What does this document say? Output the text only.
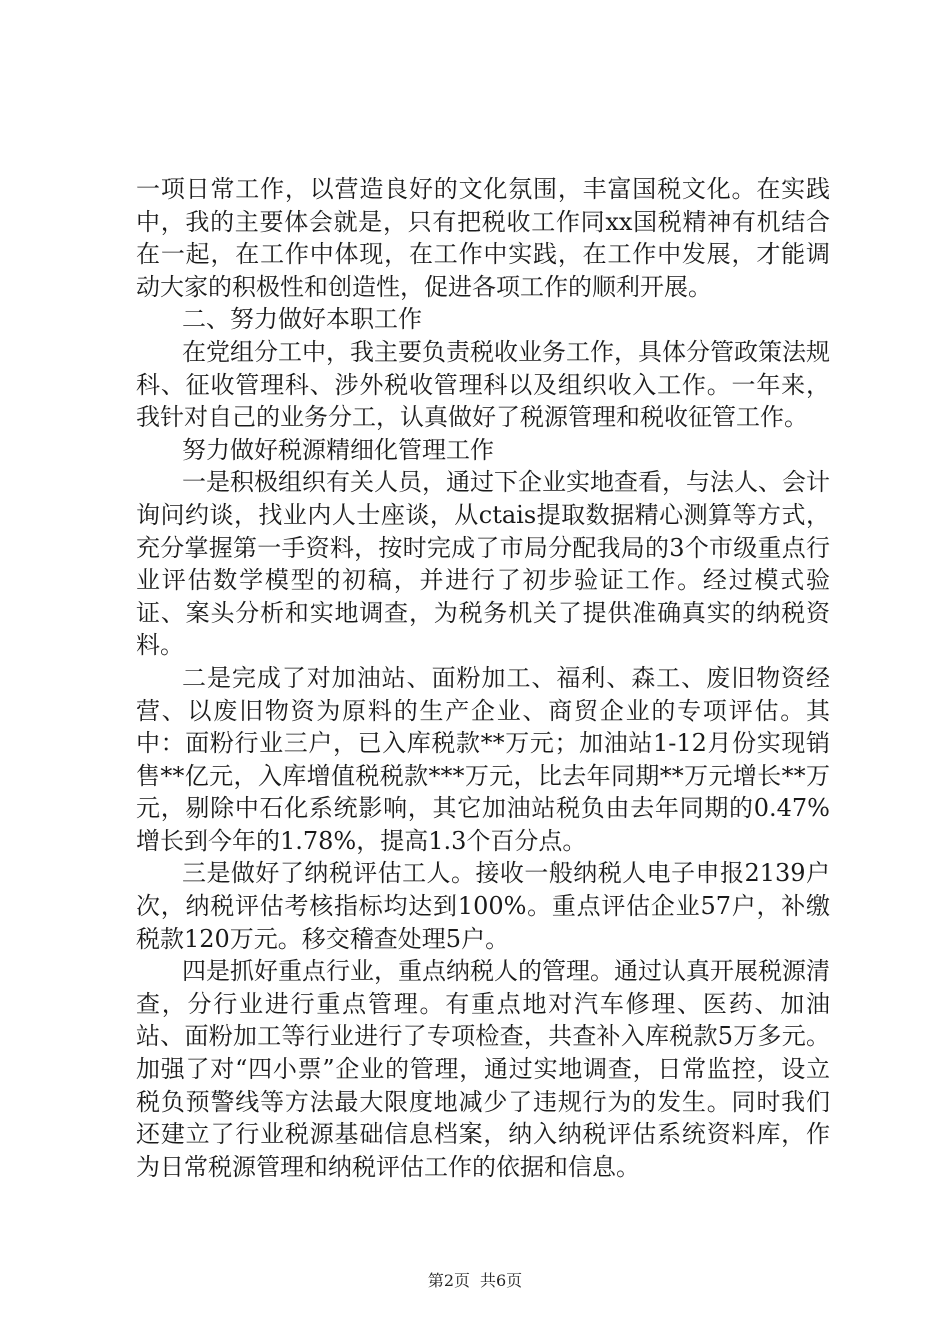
一项日常工作，以营造良好的文化氛围，丰富国税文化。在实践中，我的主要体会就是，只有把税收工作同xx国税精神有机结合在一起，在工作中体现，在工作中实践，在工作中发展，才能调动大家的积极性和创造性，促进各项工作的顺利开展。

二、努力做好本职工作

在党组分工中，我主要负责税收业务工作，具体分管政策法规科、征收管理科、涉外税收管理科以及组织收入工作。一年来，我针对自己的业务分工，认真做好了税源管理和税收征管工作。

努力做好税源精细化管理工作

一是积极组织有关人员，通过下企业实地查看，与法人、会计询问约谈，找业内人士座谈，从ctais提取数据精心测算等方式，充分掌握第一手资料，按时完成了市局分配我局的3个市级重点行业评估数学模型的初稿，并进行了初步验证工作。经过模式验证、案头分析和实地调查，为税务机关了提供准确真实的纳税资料。

二是完成了对加油站、面粉加工、福利、森工、废旧物资经营、以废旧物资为原料的生产企业、商贸企业的专项评估。其中：面粉行业三户，已入库税款**万元；加油站1-12月份实现销售**亿元，入库增值税税款***万元，比去年同期**万元增长**万元，剔除中石化系统影响，其它加油站税负由去年同期的0.47%增长到今年的1.78%，提高1.3个百分点。

三是做好了纳税评估工人。接收一般纳税人电子申报2139户次，纳税评估考核指标均达到100%。重点评估企业57户，补缴税款120万元。移交稽查处理5户。

四是抓好重点行业，重点纳税人的管理。通过认真开展税源清查，分行业进行重点管理。有重点地对汽车修理、医药、加油站、面粉加工等行业进行了专项检查，共查补入库税款5万多元。加强了对“四小票”企业的管理，通过实地调查，日常监控，设立税负预警线等方法最大限度地减少了违规行为的发生。同时我们还建立了行业税源基础信息档案，纳入纳税评估系统资料库，作为日常税源管理和纳税评估工作的依据和信息。

第2页 共6页
